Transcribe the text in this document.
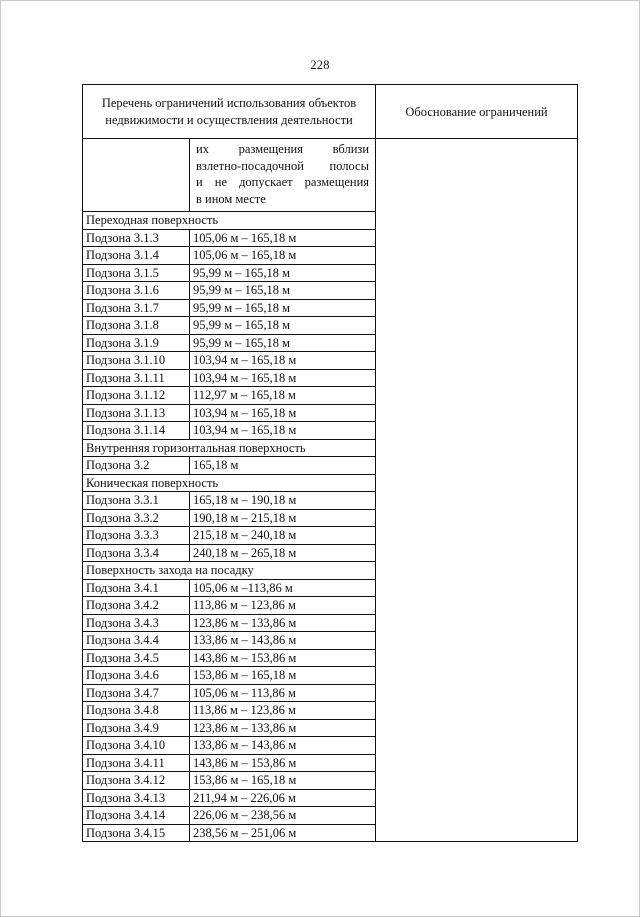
228
Перечень ограничений использования объектов недвижимости и осуществления деятельности		Обоснование ограничений

	их размещения вблизи
взлетно-посадочной полосы
и не допускает размещения
в ином месте	

Переходная поверхность		
Подзона 3.1.3	105,06 м – 165,18 м	
Подзона 3.1.4	105,06 м – 165,18 м	
Подзона 3.1.5	95,99 м – 165,18 м	
Подзона 3.1.6	95,99 м – 165,18 м	
Подзона 3.1.7	95,99 м – 165,18 м	
Подзона 3.1.8	95,99 м – 165,18 м	
Подзона 3.1.9	95,99 м – 165,18 м	
Подзона 3.1.10	103,94 м – 165,18 м	
Подзона 3.1.11	103,94 м – 165,18 м	
Подзона 3.1.12	112,97 м – 165,18 м	
Подзона 3.1.13	103,94 м – 165,18 м	
Подзона 3.1.14	103,94 м – 165,18 м	
Внутренняя горизонтальная поверхность		
Подзона 3.2	165,18 м	
Коническая поверхность		
Подзона 3.3.1	165,18 м – 190,18 м	
Подзона 3.3.2	190,18 м – 215,18 м	
Подзона 3.3.3	215,18 м – 240,18 м	
Подзона 3.3.4	240,18 м – 265,18 м	
Поверхность захода на посадку		
Подзона 3.4.1	105,06 м –113,86 м	
Подзона 3.4.2	113,86 м – 123,86 м	
Подзона 3.4.3	123,86 м – 133,86 м	
Подзона 3.4.4	133,86 м – 143,86 м	
Подзона 3.4.5	143,86 м – 153,86 м	
Подзона 3.4.6	153,86 м – 165,18 м	
Подзона 3.4.7	105,06 м – 113,86 м	
Подзона 3.4.8	113,86 м – 123,86 м	
Подзона 3.4.9	123,86 м – 133,86 м	
Подзона 3.4.10	133,86 м – 143,86 м	
Подзона 3.4.11	143,86 м – 153,86 м	
Подзона 3.4.12	153,86 м – 165,18 м	
Подзона 3.4.13	211,94 м – 226,06 м	
Подзона 3.4.14	226,06 м – 238,56 м	
Подзона 3.4.15	238,56 м – 251,06 м	
